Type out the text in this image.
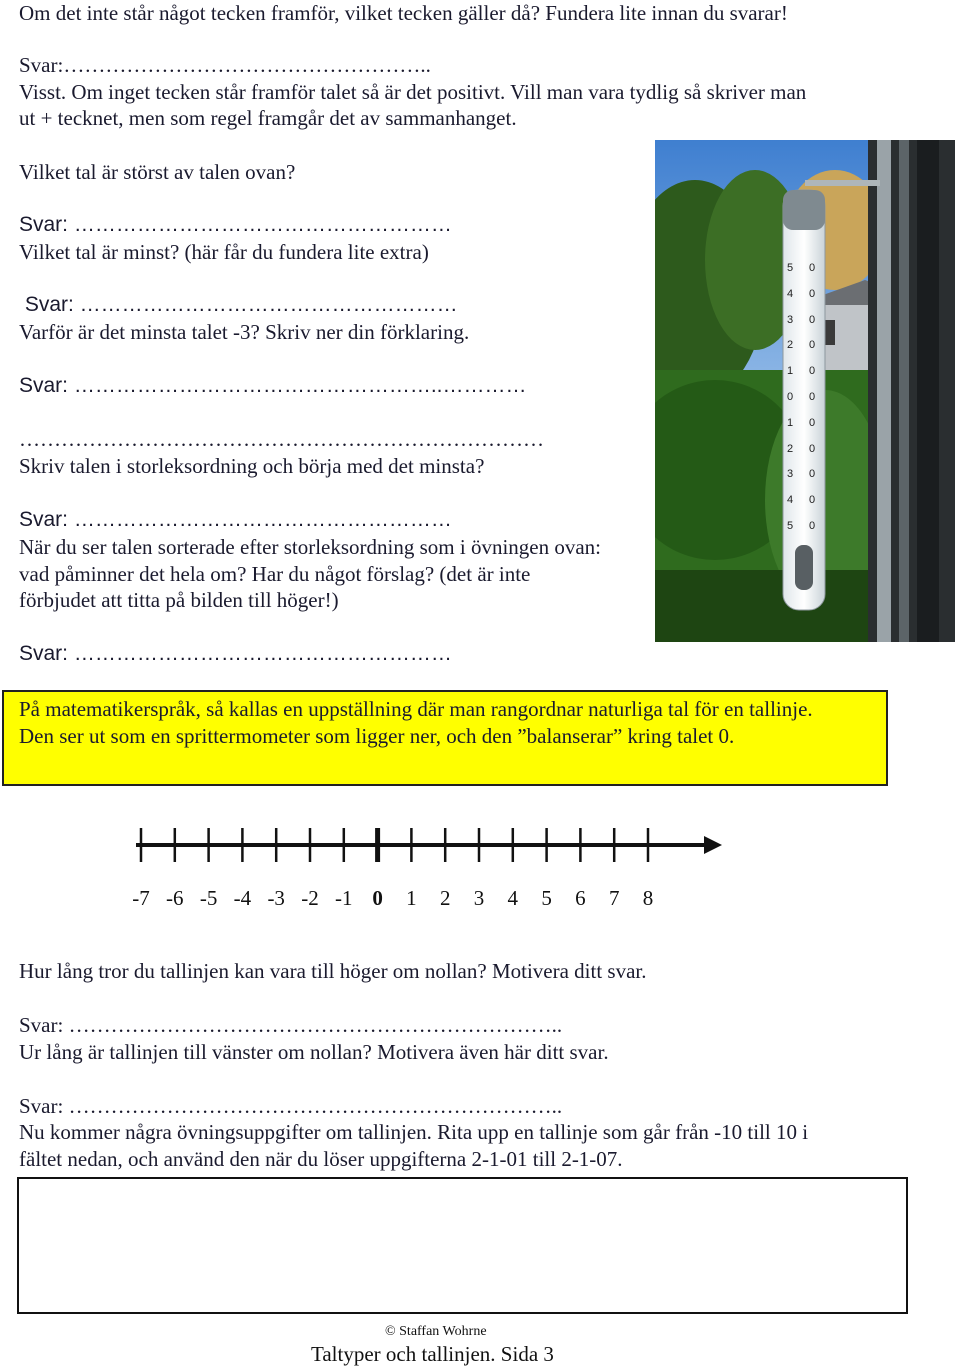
Om det inte står något tecken framför, vilket tecken gäller då? Fundera lite innan du svarar!
Svar:……………………………………………..
Visst. Om inget tecken står framför talet så är det positivt. Vill man vara tydlig så skriver man
ut + tecknet, men som regel framgår det av sammanhanget.
Vilket tal är störst av talen ovan?
Svar: ………………………………………………
Vilket tal är minst? (här får du fundera lite extra)
Svar: ………………………………………………
Varför är det minsta talet -3? Skriv ner din förklaring.
Svar: ……………………………………………..…………
…………………………………………………………………
Skriv talen i storleksordning och börja med det minsta?
Svar: ………………………………………………
När du ser talen sorterade efter storleksordning som i övningen ovan:
vad påminner det hela om? Har du något förslag? (det är inte
förbjudet att titta på bilden till höger!)
Svar: ………………………………………………
5 0
4 0
3 0
2 0
1 0
0 0
1 0
2 0
3 0
4 0
5 0
På matematikerspråk, så kallas en uppställning där man rangordnar naturliga tal för en tallinje.
Den ser ut som en sprittermometer som ligger ner, och den ”balanserar” kring talet 0.
-7 -6 -5 -4 -3 -2 -1 0	1	2	3	4	5	6	7	8
Hur lång tror du tallinjen kan vara till höger om nollan? Motivera ditt svar.
Svar: ……………………………………………………………..
Ur lång är tallinjen till vänster om nollan? Motivera även här ditt svar.
Svar: ……………………………………………………………..
Nu kommer några övningsuppgifter om tallinjen. Rita upp en tallinje som går från -10 till 10 i
fältet nedan, och använd den när du löser uppgifterna 2-1-01 till 2-1-07.
© Staffan Wohrne
Taltyper och tallinjen. Sida 3
